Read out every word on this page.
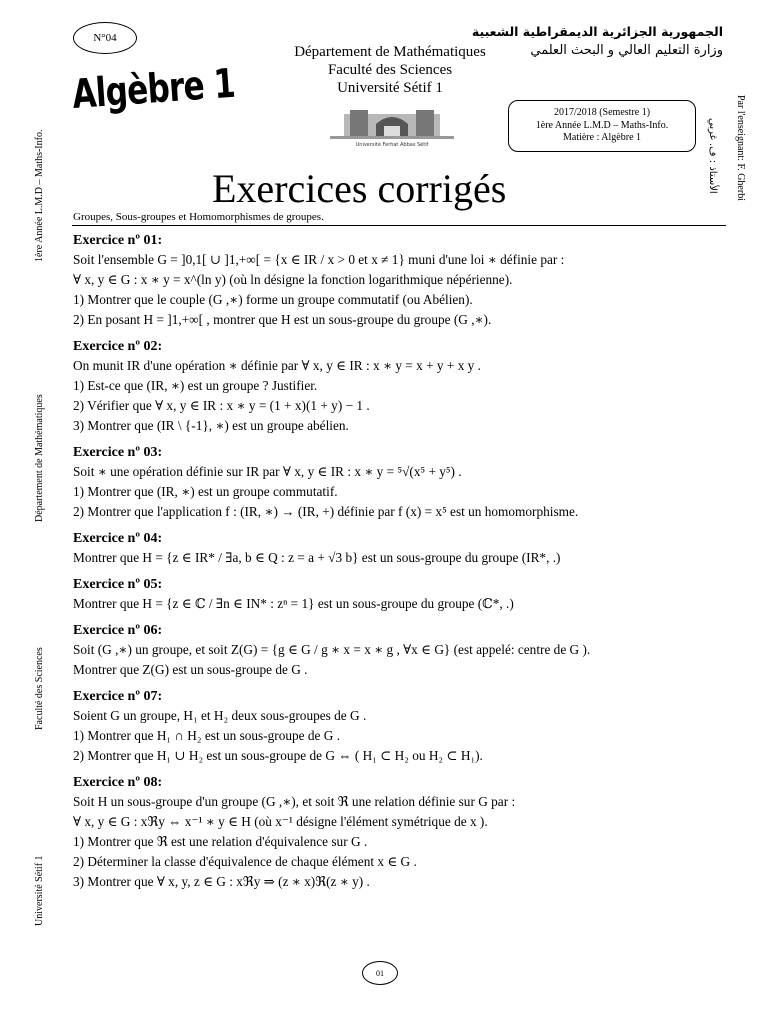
N°04
Algèbre 1
Département de Mathématiques
Faculté des Sciences
Université Sétif 1
الجمهورية الجزائرية الديمقراطية الشعبية
وزارة التعليم العالي و البحث العلمي
Université Ferhat Abbas Sétif
2017/2018 (Semestre 1)
1ère Année L.M.D – Maths-Info.
Matière : Algèbre 1
1ère Année L.M.D – Maths-Info.
Département de Mathématiques
Faculté des Sciences
Université Sétif 1
Par l'enseignant: F. Gherbi
الأستاذ : ف. غربي
Exercices corrigés
Groupes, Sous-groupes et Homomorphismes de groupes.
Exercice nº 01:
Soit l'ensemble G = ]0,1[ ∪ ]1,+∞[ = {x ∈ IR / x > 0 et x ≠ 1} muni d'une loi ∗ définie par :
∀ x, y ∈ G : x ∗ y = x^(ln y) (où ln désigne la fonction logarithmique népérienne).
1) Montrer que le couple (G ,∗) forme un groupe commutatif (ou Abélien).
2) En posant H = ]1,+∞[ , montrer que H est un sous-groupe du groupe (G ,∗).
Exercice nº 02:
On munit IR d'une opération ∗ définie par ∀ x, y ∈ IR : x ∗ y = x + y + x y .
1) Est-ce que (IR, ∗) est un groupe ? Justifier.
2) Vérifier que ∀ x, y ∈ IR : x ∗ y = (1 + x)(1 + y) − 1 .
3) Montrer que (IR \ {-1}, ∗) est un groupe abélien.
Exercice nº 03:
Soit ∗ une opération définie sur IR par ∀ x, y ∈ IR : x ∗ y = ⁵√(x⁵ + y⁵) .
1) Montrer que (IR, ∗) est un groupe commutatif.
2) Montrer que l'application f : (IR, ∗) → (IR, +) définie par f (x) = x⁵ est un homomorphisme.
Exercice nº 04:
Montrer que H = {z ∈ IR* / ∃a, b ∈ Q : z = a + √3 b} est un sous-groupe du groupe (IR*, .)
Exercice nº 05:
Montrer que H = {z ∈ ℂ / ∃n ∈ IN* : zⁿ = 1} est un sous-groupe du groupe (ℂ*, .)
Exercice nº 06:
Soit (G ,∗) un groupe, et soit Z(G) = {g ∈ G / g ∗ x = x ∗ g , ∀x ∈ G} (est appelé: centre de G ).
Montrer que Z(G) est un sous-groupe de G .
Exercice nº 07:
Soient G un groupe, H₁ et H₂ deux sous-groupes de G .
1) Montrer que H₁ ∩ H₂ est un sous-groupe de G .
2) Montrer que H₁ ∪ H₂ est un sous-groupe de G ⇔ ( H₁ ⊂ H₂ ou H₂ ⊂ H₁).
Exercice nº 08:
Soit H un sous-groupe d'un groupe (G ,∗), et soit ℜ une relation définie sur G par :
∀ x, y ∈ G : xℜy ⇔ x⁻¹ ∗ y ∈ H (où x⁻¹ désigne l'élément symétrique de x ).
1) Montrer que ℜ est une relation d'équivalence sur G .
2) Déterminer la classe d'équivalence de chaque élément x ∈ G .
3) Montrer que ∀ x, y, z ∈ G : xℜy ⇒ (z ∗ x)ℜ(z ∗ y) .
01
